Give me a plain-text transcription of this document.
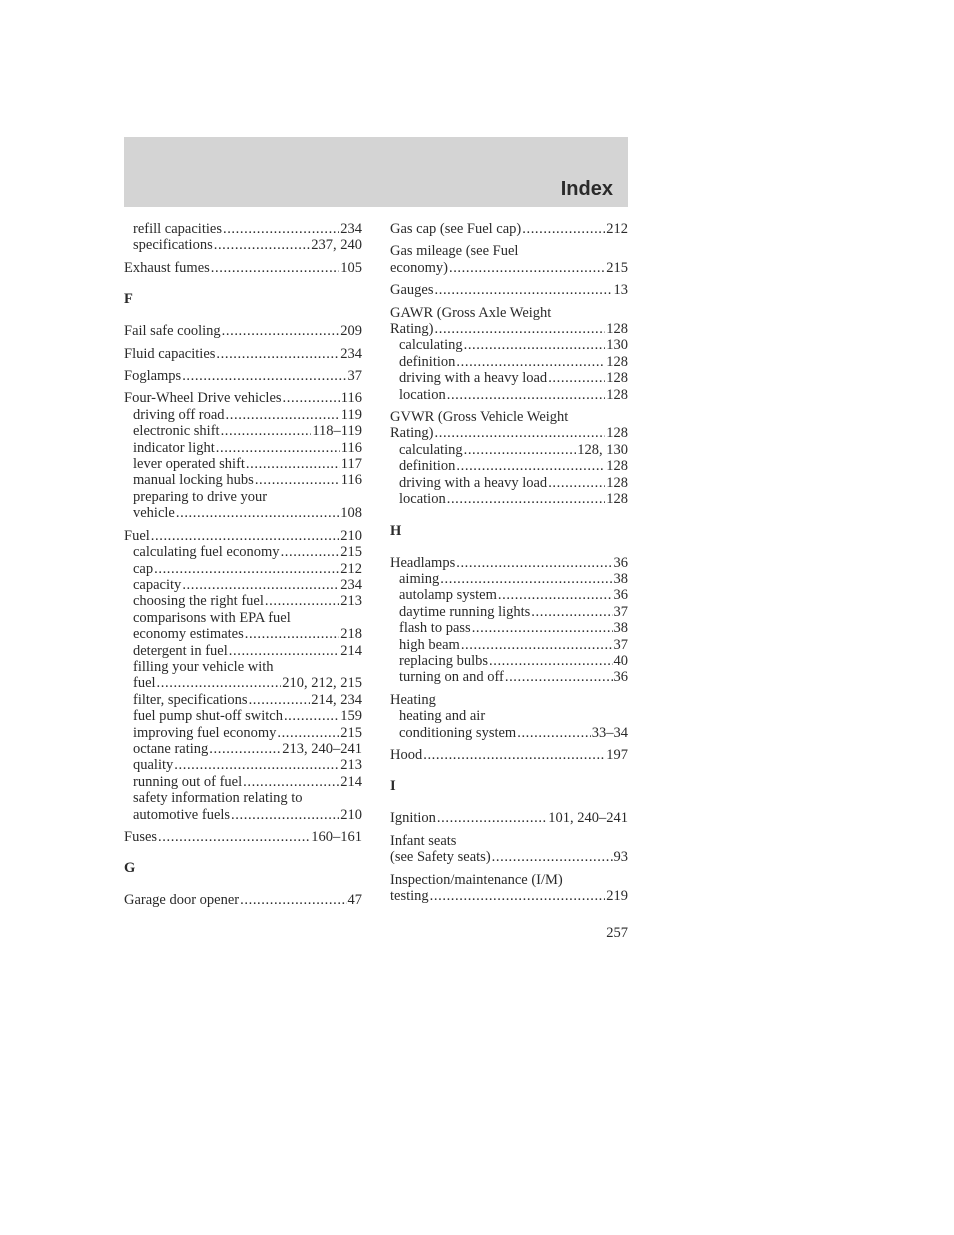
Index
refill capacities .....	234
specifications .....	237, 240
Exhaust fumes .....	105
F
Fail safe cooling .....	209
Fluid capacities .....	234
Foglamps .....	37
Four-Wheel Drive vehicles .....	116
driving off road .....	119
electronic shift .....	118–119
indicator light .....	116
lever operated shift .....	117
manual locking hubs .....	116
preparing to drive your
vehicle .....	108
Fuel .....	210
calculating fuel economy .....	215
cap .....	212
capacity .....	234
choosing the right fuel .....	213
comparisons with EPA fuel
economy estimates .....	218
detergent in fuel .....	214
filling your vehicle with
fuel .....	210, 212, 215
filter, specifications .....	214, 234
fuel pump shut-off switch .....	159
improving fuel economy .....	215
octane rating .....	213, 240–241
quality .....	213
running out of fuel .....	214
safety information relating to
automotive fuels .....	210
Fuses .....	160–161
G
Garage door opener .....	47
Gas cap (see Fuel cap) .....	212
Gas mileage (see Fuel
economy) .....	215
Gauges .....	13
GAWR (Gross Axle Weight
Rating) .....	128
calculating .....	130
definition .....	128
driving with a heavy load .....	128
location .....	128
GVWR (Gross Vehicle Weight
Rating) .....	128
calculating .....	128, 130
definition .....	128
driving with a heavy load .....	128
location .....	128
H
Headlamps .....	36
aiming .....	38
autolamp system .....	36
daytime running lights .....	37
flash to pass .....	38
high beam .....	37
replacing bulbs .....	40
turning on and off .....	36
Heating
heating and air
conditioning system .....	33–34
Hood .....	197
I
Ignition .....	101, 240–241
Infant seats
(see Safety seats) .....	93
Inspection/maintenance (I/M)
testing .....	219
257
